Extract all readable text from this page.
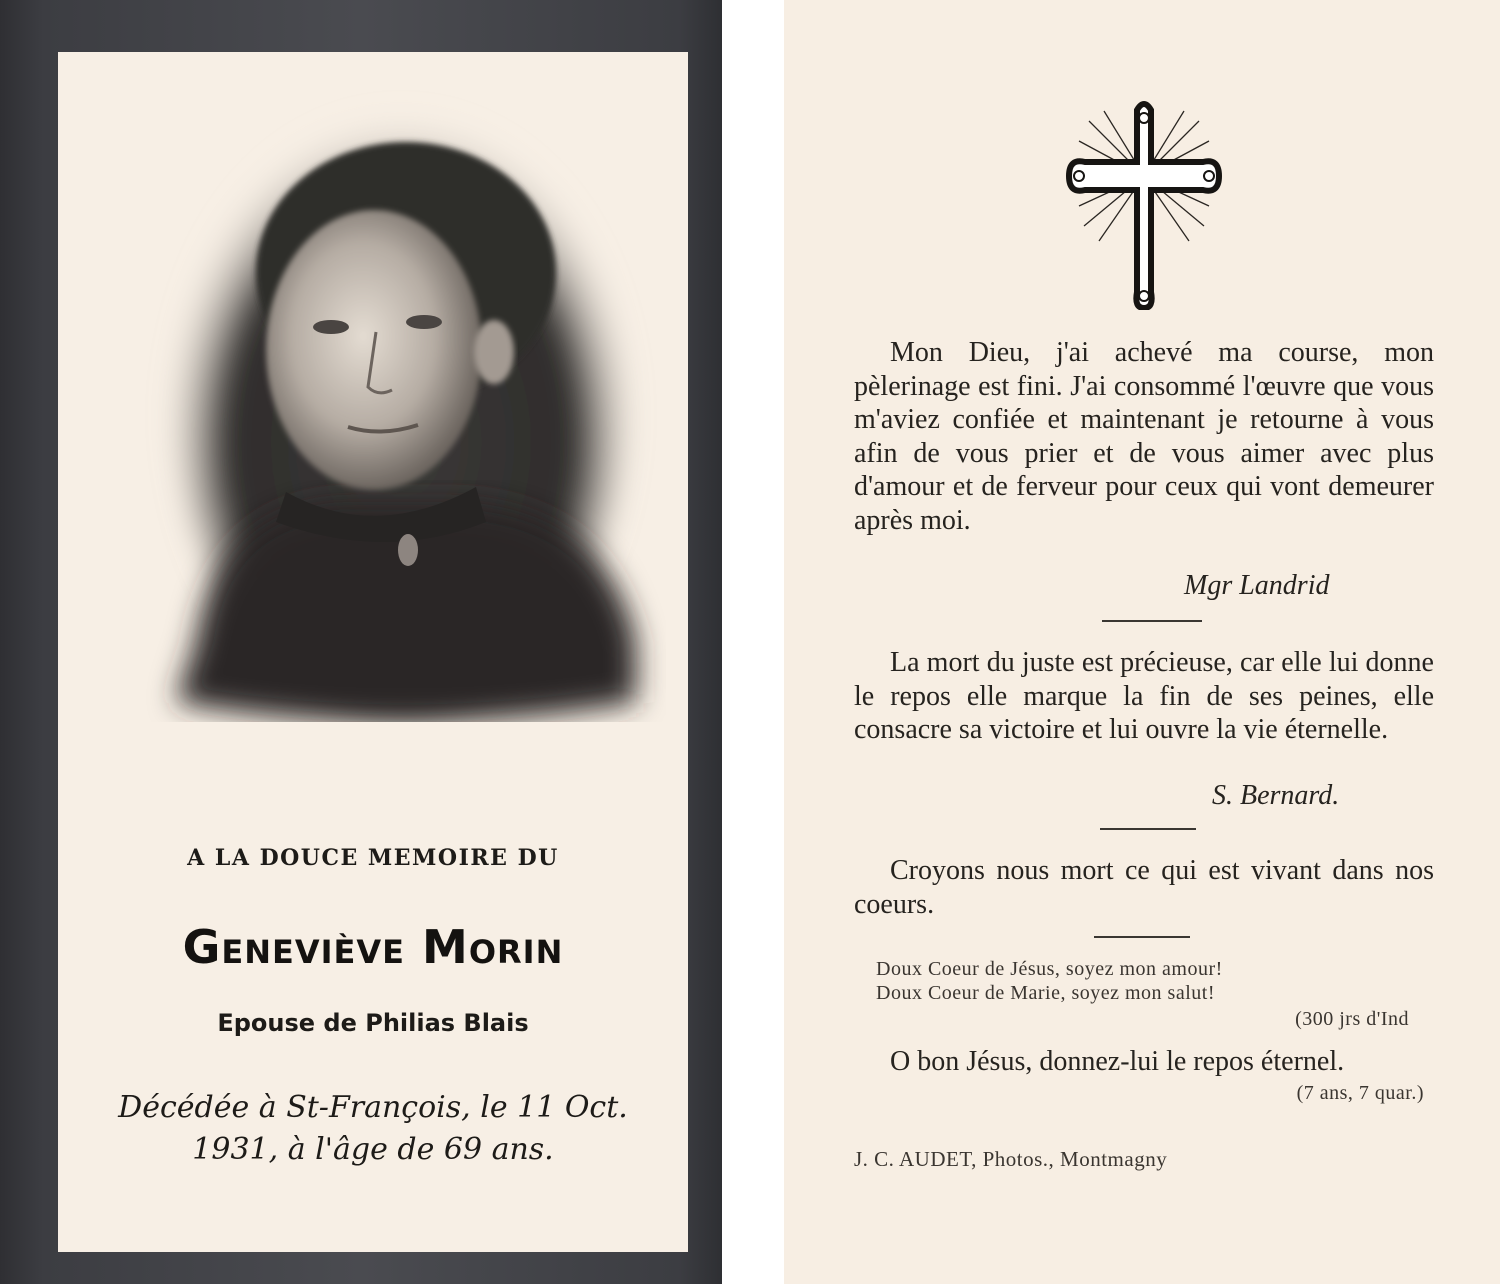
A LA DOUCE MEMOIRE DU
Geneviève Morin
Epouse de Philias Blais
Décédée à St-François, le 11 Oct.
1931, à l'âge de 69 ans.
Mon Dieu, j'ai achevé ma course, mon pèlerinage est fini. J'ai consommé l'œuvre que vous m'aviez confiée et maintenant je retourne à vous afin de vous prier et de vous aimer avec plus d'amour et de ferveur pour ceux qui vont demeurer après moi.
Mgr Landrid
La mort du juste est précieuse, car elle lui donne le repos elle marque la fin de ses peines, elle consacre sa victoire et lui ouvre la vie éternelle.
S. Bernard.
Croyons nous mort ce qui est vivant dans nos coeurs.
Doux Coeur de Jésus, soyez mon amour!
Doux Coeur de Marie, soyez mon salut!
(300 jrs d'Ind
O bon Jésus, donnez-lui le repos éternel.
(7 ans, 7 quar.)
J. C. AUDET, Photos., Montmagny
